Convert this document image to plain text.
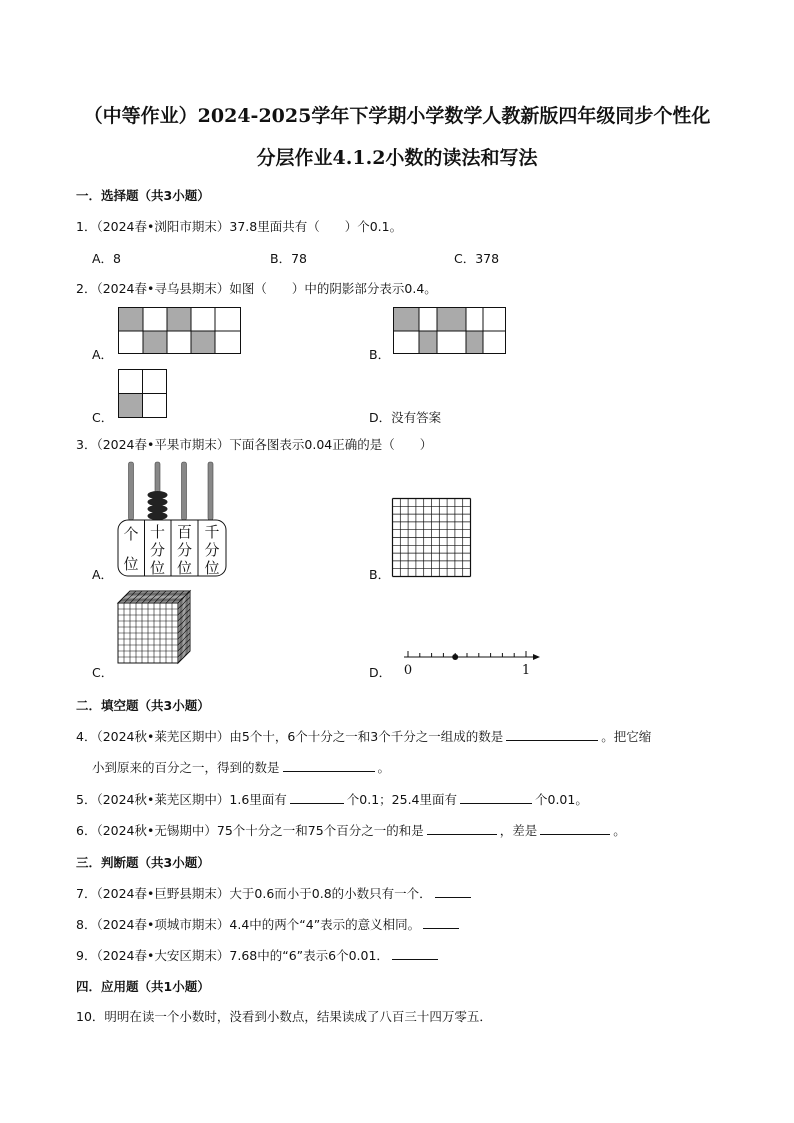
（中等作业）2024-2025学年下学期小学数学人教新版四年级同步个性化
分层作业4.1.2小数的读法和写法
一．选择题（共3小题）
1．（2024春•浏阳市期末）37.8里面共有（　　）个0.1。
A．8	B．78	C．378
2．（2024春•寻乌县期末）如图（　　）中的阴影部分表示0.4。
A．	B．
C．	D．没有答案
3．（2024春•平果市期末）下面各图表示0.04正确的是（　　）
A．
个
位
十
分
位
百
分
位
千
分
位	B．
C．	D． 0	1
二．填空题（共3小题）
4．（2024秋•莱芜区期中）由5个十，6个十分之一和3个千分之一组成的数是	。把它缩
小到原来的百分之一，得到的数是	。
5．（2024秋•莱芜区期中）1.6里面有	个0.1；25.4里面有	个0.01。
6．（2024秋•无锡期中）75个十分之一和75个百分之一的和是	，差是	。
三．判断题（共3小题）
7．（2024春•巨野县期末）大于0.6而小于0.8的小数只有一个．
8．（2024春•项城市期末）4.4中的两个“4”表示的意义相同。
9．（2024春•大安区期末）7.68中的“6”表示6个0.01．
四．应用题（共1小题）
10．明明在读一个小数时，没看到小数点，结果读成了八百三十四万零五．
